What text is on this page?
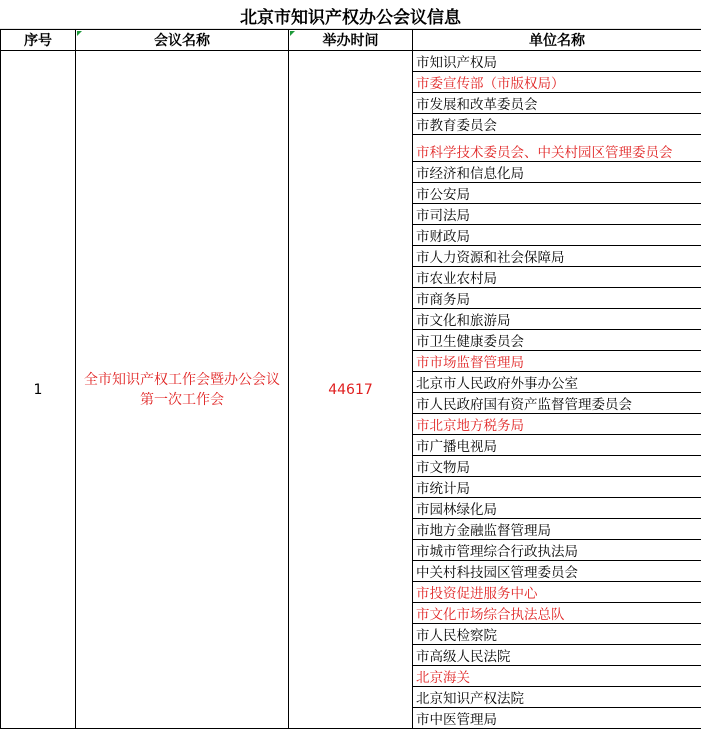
北京市知识产权办公会议信息
序号	会议名称	举办时间	单位名称
1	全市知识产权工作会暨办公会议第一次工作会	44617	市知识产权局
			市委宣传部（市版权局）
			市发展和改革委员会
			市教育委员会
			市科学技术委员会、中关村园区管理委员会
			市经济和信息化局
			市公安局
			市司法局
			市财政局
			市人力资源和社会保障局
			市农业农村局
			市商务局
			市文化和旅游局
			市卫生健康委员会
			市市场监督管理局
			北京市人民政府外事办公室
			市人民政府国有资产监督管理委员会
			市北京地方税务局
			市广播电视局
			市文物局
			市统计局
			市园林绿化局
			市地方金融监督管理局
			市城市管理综合行政执法局
			中关村科技园区管理委员会
			市投资促进服务中心
			市文化市场综合执法总队
			市人民检察院
			市高级人民法院
			北京海关
			北京知识产权法院
			市中医管理局
